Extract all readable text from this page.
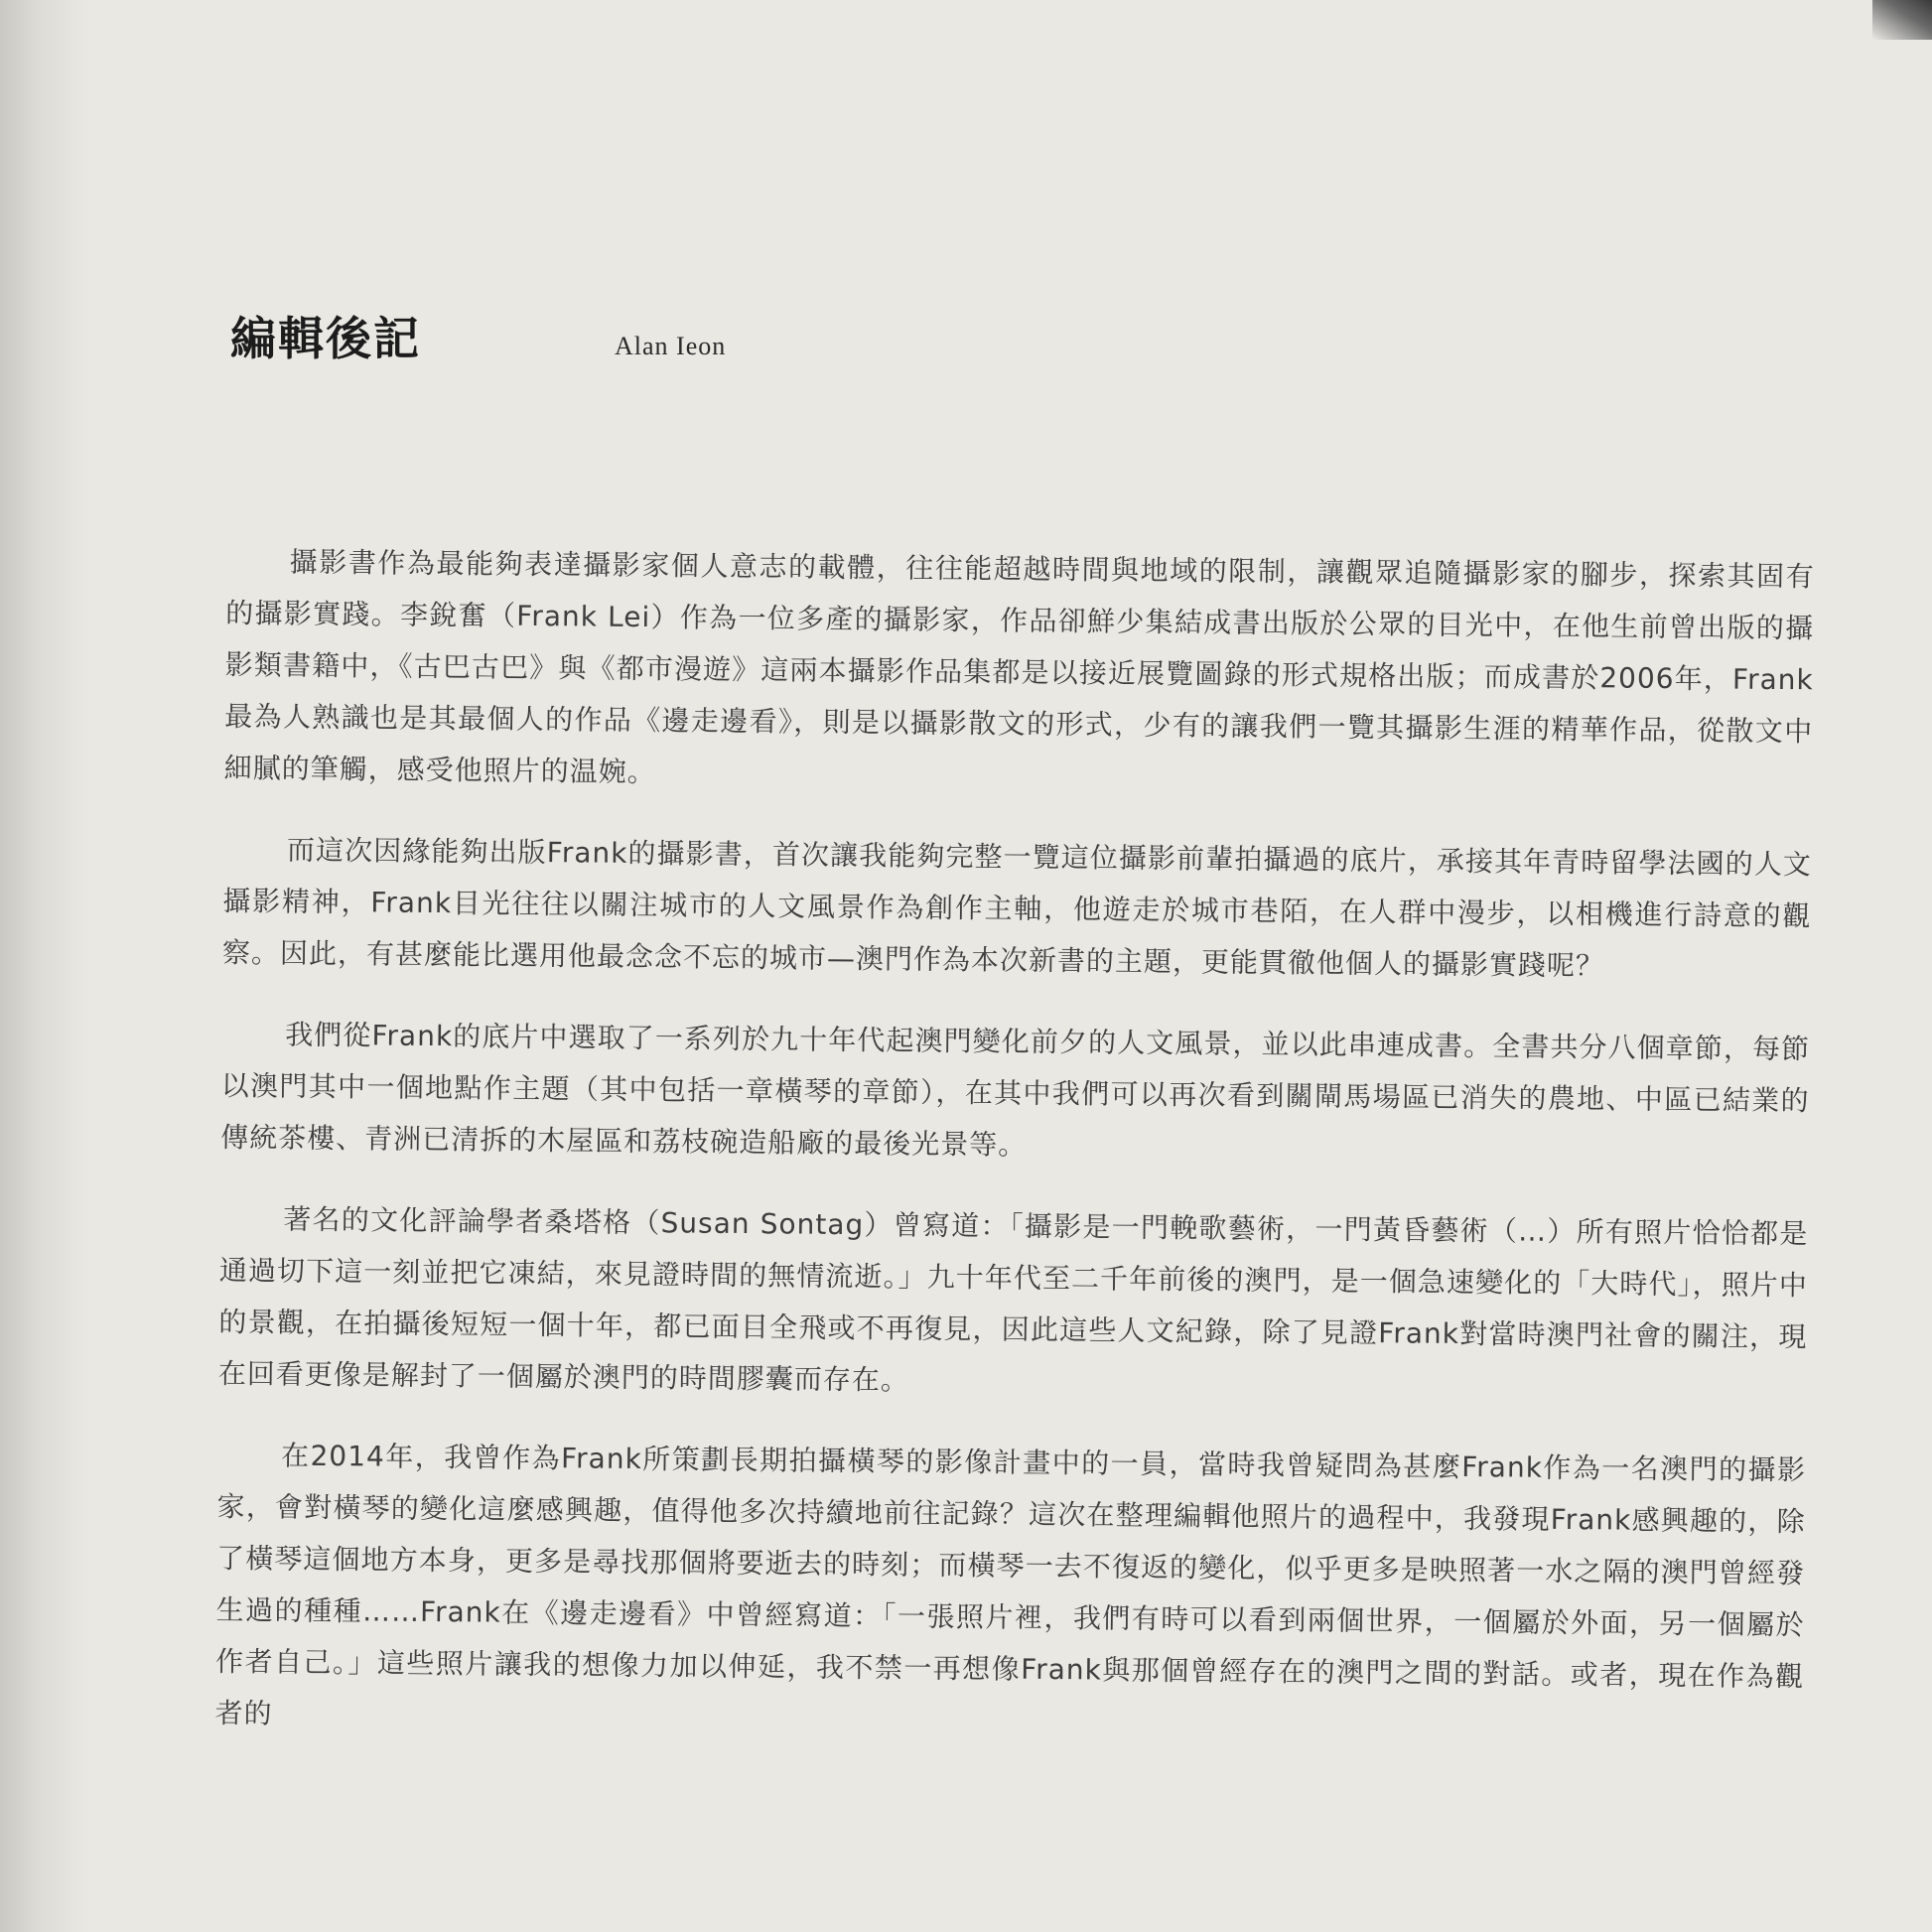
編輯後記	Alan Ieon

攝影書作為最能夠表達攝影家個人意志的載體，往往能超越時間與地域的限制，讓觀眾追隨攝影家的腳步，探索其固有的攝影實踐。李銳奮（Frank Lei）作為一位多產的攝影家，作品卻鮮少集結成書出版於公眾的目光中，在他生前曾出版的攝影類書籍中，《古巴古巴》與《都市漫遊》這兩本攝影作品集都是以接近展覽圖錄的形式規格出版；而成書於2006年，Frank最為人熟識也是其最個人的作品《邊走邊看》，則是以攝影散文的形式，少有的讓我們一覽其攝影生涯的精華作品，從散文中細膩的筆觸，感受他照片的温婉。

而這次因緣能夠出版Frank的攝影書，首次讓我能夠完整一覽這位攝影前輩拍攝過的底片，承接其年青時留學法國的人文攝影精神，Frank目光往往以關注城市的人文風景作為創作主軸，他遊走於城市巷陌，在人群中漫步，以相機進行詩意的觀察。因此，有甚麼能比選用他最念念不忘的城市—澳門作為本次新書的主題，更能貫徹他個人的攝影實踐呢？

我們從Frank的底片中選取了一系列於九十年代起澳門變化前夕的人文風景，並以此串連成書。全書共分八個章節，每節以澳門其中一個地點作主題（其中包括一章橫琴的章節），在其中我們可以再次看到關閘馬場區已消失的農地、中區已結業的傳統茶樓、青洲已清拆的木屋區和荔枝碗造船廠的最後光景等。

著名的文化評論學者桑塔格（Susan Sontag）曾寫道：「攝影是一門輓歌藝術，一門黃昏藝術（…）所有照片恰恰都是通過切下這一刻並把它凍結，來見證時間的無情流逝。」九十年代至二千年前後的澳門，是一個急速變化的「大時代」，照片中的景觀，在拍攝後短短一個十年，都已面目全飛或不再復見，因此這些人文紀錄，除了見證Frank對當時澳門社會的關注，現在回看更像是解封了一個屬於澳門的時間膠囊而存在。

在2014年，我曾作為Frank所策劃長期拍攝橫琴的影像計畫中的一員，當時我曾疑問為甚麼Frank作為一名澳門的攝影家，會對橫琴的變化這麼感興趣，值得他多次持續地前往記錄？這次在整理編輯他照片的過程中，我發現Frank感興趣的，除了橫琴這個地方本身，更多是尋找那個將要逝去的時刻；而橫琴一去不復返的變化，似乎更多是映照著一水之隔的澳門曾經發生過的種種……Frank在《邊走邊看》中曾經寫道：「一張照片裡，我們有時可以看到兩個世界，一個屬於外面，另一個屬於作者自己。」這些照片讓我的想像力加以伸延，我不禁一再想像Frank與那個曾經存在的澳門之間的對話。或者，現在作為觀者的
